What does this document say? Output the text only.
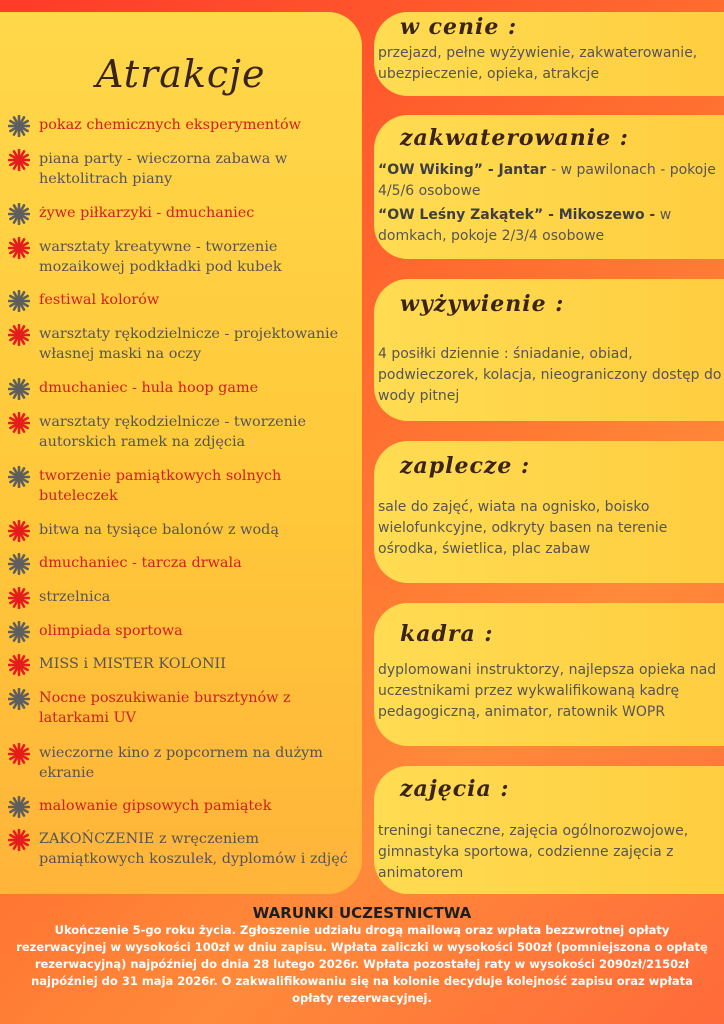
Atrakcje
pokaz chemicznych eksperymentów
piana party - wieczorna zabawa w hektolitrach piany
żywe piłkarzyki - dmuchaniec
warsztaty kreatywne - tworzenie mozaikowej podkładki pod kubek
festiwal kolorów
warsztaty rękodzielnicze - projektowanie własnej maski na oczy
dmuchaniec - hula hoop game
warsztaty rękodzielnicze - tworzenie autorskich ramek na zdjęcia
tworzenie pamiątkowych solnych buteleczek
bitwa na tysiące balonów z wodą
dmuchaniec - tarcza drwala
strzelnica
olimpiada sportowa
MISS i MISTER KOLONII
Nocne poszukiwanie bursztynów z latarkami UV
wieczorne kino z popcornem na dużym ekranie
malowanie gipsowych pamiątek
ZAKOŃCZENIE z wręczeniem pamiątkowych koszulek, dyplomów i zdjęć
w cenie :
przejazd, pełne wyżywienie, zakwaterowanie, ubezpieczenie, opieka, atrakcje
zakwaterowanie :
“OW Wiking” - Jantar - w pawilonach - pokoje 4/5/6 osobowe
“OW Leśny Zakątek” - Mikoszewo - w domkach, pokoje 2/3/4 osobowe
wyżywienie :
4 posiłki dziennie : śniadanie, obiad, podwieczorek, kolacja, nieograniczony dostęp do wody pitnej
zaplecze :
sale do zajęć, wiata na ognisko, boisko wielofunkcyjne, odkryty basen na terenie ośrodka, świetlica, plac zabaw
kadra :
dyplomowani instruktorzy, najlepsza opieka nad uczestnikami przez wykwalifikowaną kadrę pedagogiczną, animator, ratownik WOPR
zajęcia :
treningi taneczne, zajęcia ogólnorozwojowe, gimnastyka sportowa, codzienne zajęcia z animatorem
WARUNKI UCZESTNICTWA
Ukończenie 5-go roku życia. Zgłoszenie udziału drogą mailową oraz wpłata bezzwrotnej opłaty rezerwacyjnej w wysokości 100zł w dniu zapisu. Wpłata zaliczki w wysokości 500zł (pomniejszona o opłatę rezerwacyjną) najpóźniej do dnia 28 lutego 2026r. Wpłata pozostałej raty w wysokości 2090zł/2150zł najpóźniej do 31 maja 2026r. O zakwalifikowaniu się na kolonie decyduje kolejność zapisu oraz wpłata opłaty rezerwacyjnej.
